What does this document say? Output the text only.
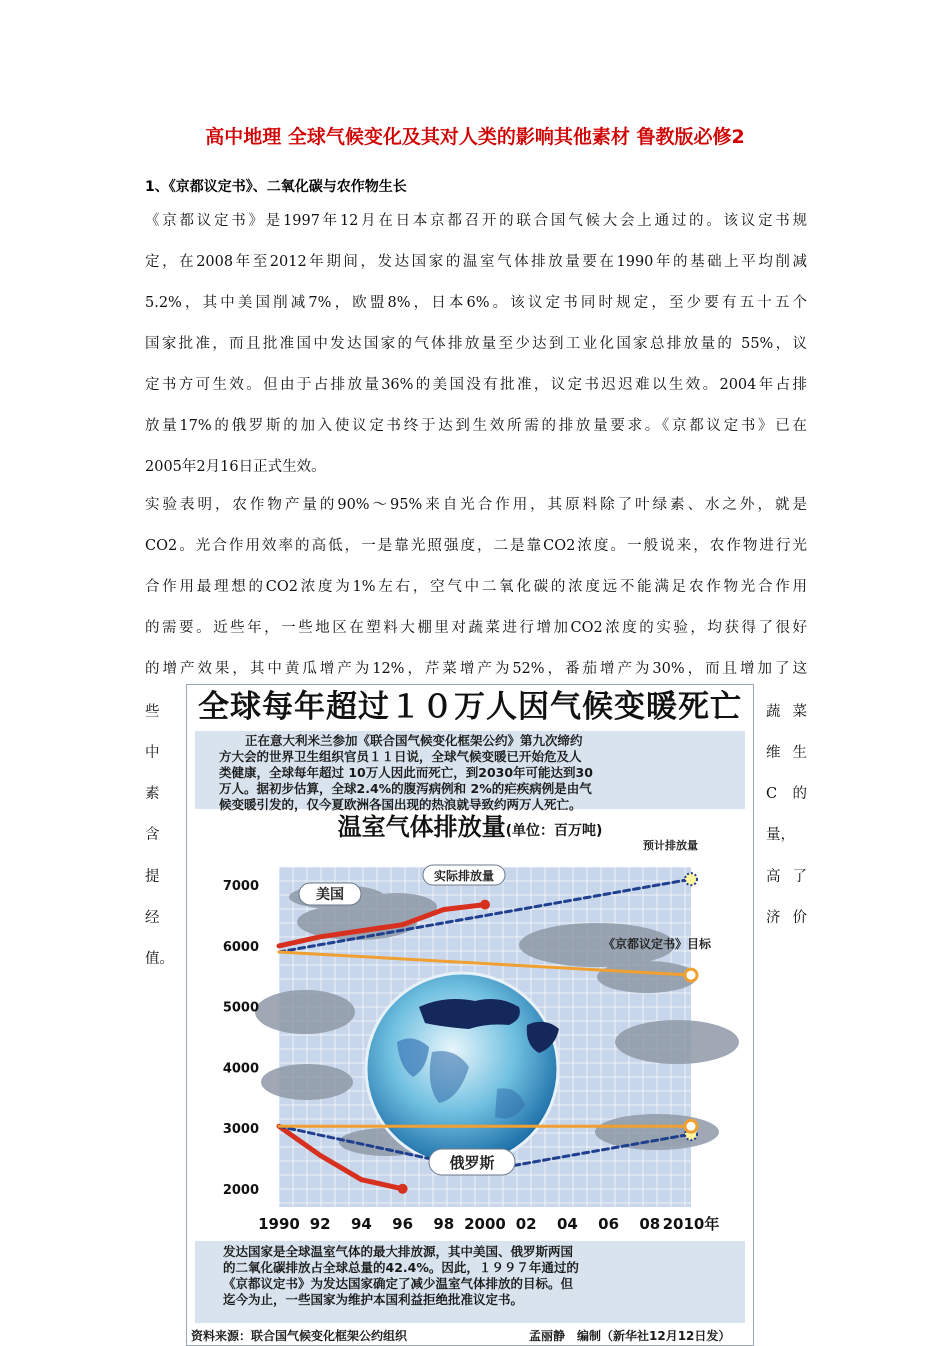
高中地理 全球气候变化及其对人类的影响其他素材 鲁教版必修2
1、《京都议定书》、二氧化碳与农作物生长
《京都议定书》是1997年12月在日本京都召开的联合国气候大会上通过的。该议定书规
定，在2008年至2012年期间，发达国家的温室气体排放量要在1990年的基础上平均削减
5.2%，其中美国削减7%，欧盟8%，日本6%。该议定书同时规定，至少要有五十五个
国家批准，而且批准国中发达国家的气体排放量至少达到工业化国家总排放量的 55%，议
定书方可生效。但由于占排放量36%的美国没有批准，议定书迟迟难以生效。2004年占排
放量17%的俄罗斯的加入使议定书终于达到生效所需的排放量要求。《京都议定书》已在
2005年2月16日正式生效。
实验表明，农作物产量的90%～95%来自光合作用，其原料除了叶绿素、水之外，就是
CO2。光合作用效率的高低，一是靠光照强度，二是靠CO2浓度。一般说来，农作物进行光
合作用最理想的CO2浓度为1%左右，空气中二氧化碳的浓度远不能满足农作物光合作用
的需要。近些年，一些地区在塑料大棚里对蔬菜进行增加CO2浓度的实验，均获得了很好
的增产效果，其中黄瓜增产为12%，芹菜增产为52%，番茄增产为30%，而且增加了这
些
中
素
含
提
经
值。
蔬 菜
维 生
C 的
量，
高 了
济 价
全球每年超过１０万人因气候变暖死亡
正在意大利米兰参加《联合国气候变化框架公约》第九次缔约
方大会的世界卫生组织官员１１日说，全球气候变暖已开始危及人
类健康，全球每年超过 10万人因此而死亡，到2030年可能达到30
万人。据初步估算，全球2.4%的腹泻病例和 2%的疟疾病例是由气
候变暖引发的，仅今夏欧洲各国出现的热浪就导致约两万人死亡。
温室气体排放量(单位：百万吨)
2000
3000
4000
5000
6000
7000
1990 92 94 96 98 2000 02 04 06 08 2010年
美国
实际排放量
预计排放量
《京都议定书》目标
俄罗斯
发达国家是全球温室气体的最大排放源，其中美国、俄罗斯两国
的二氧化碳排放占全球总量的42.4%。因此，１９９７年通过的
《京都议定书》为发达国家确定了减少温室气体排放的目标。但
迄今为止，一些国家为维护本国利益拒绝批准议定书。
资料来源：联合国气候变化框架公约组织	孟丽静　编制（新华社12月12日发）
